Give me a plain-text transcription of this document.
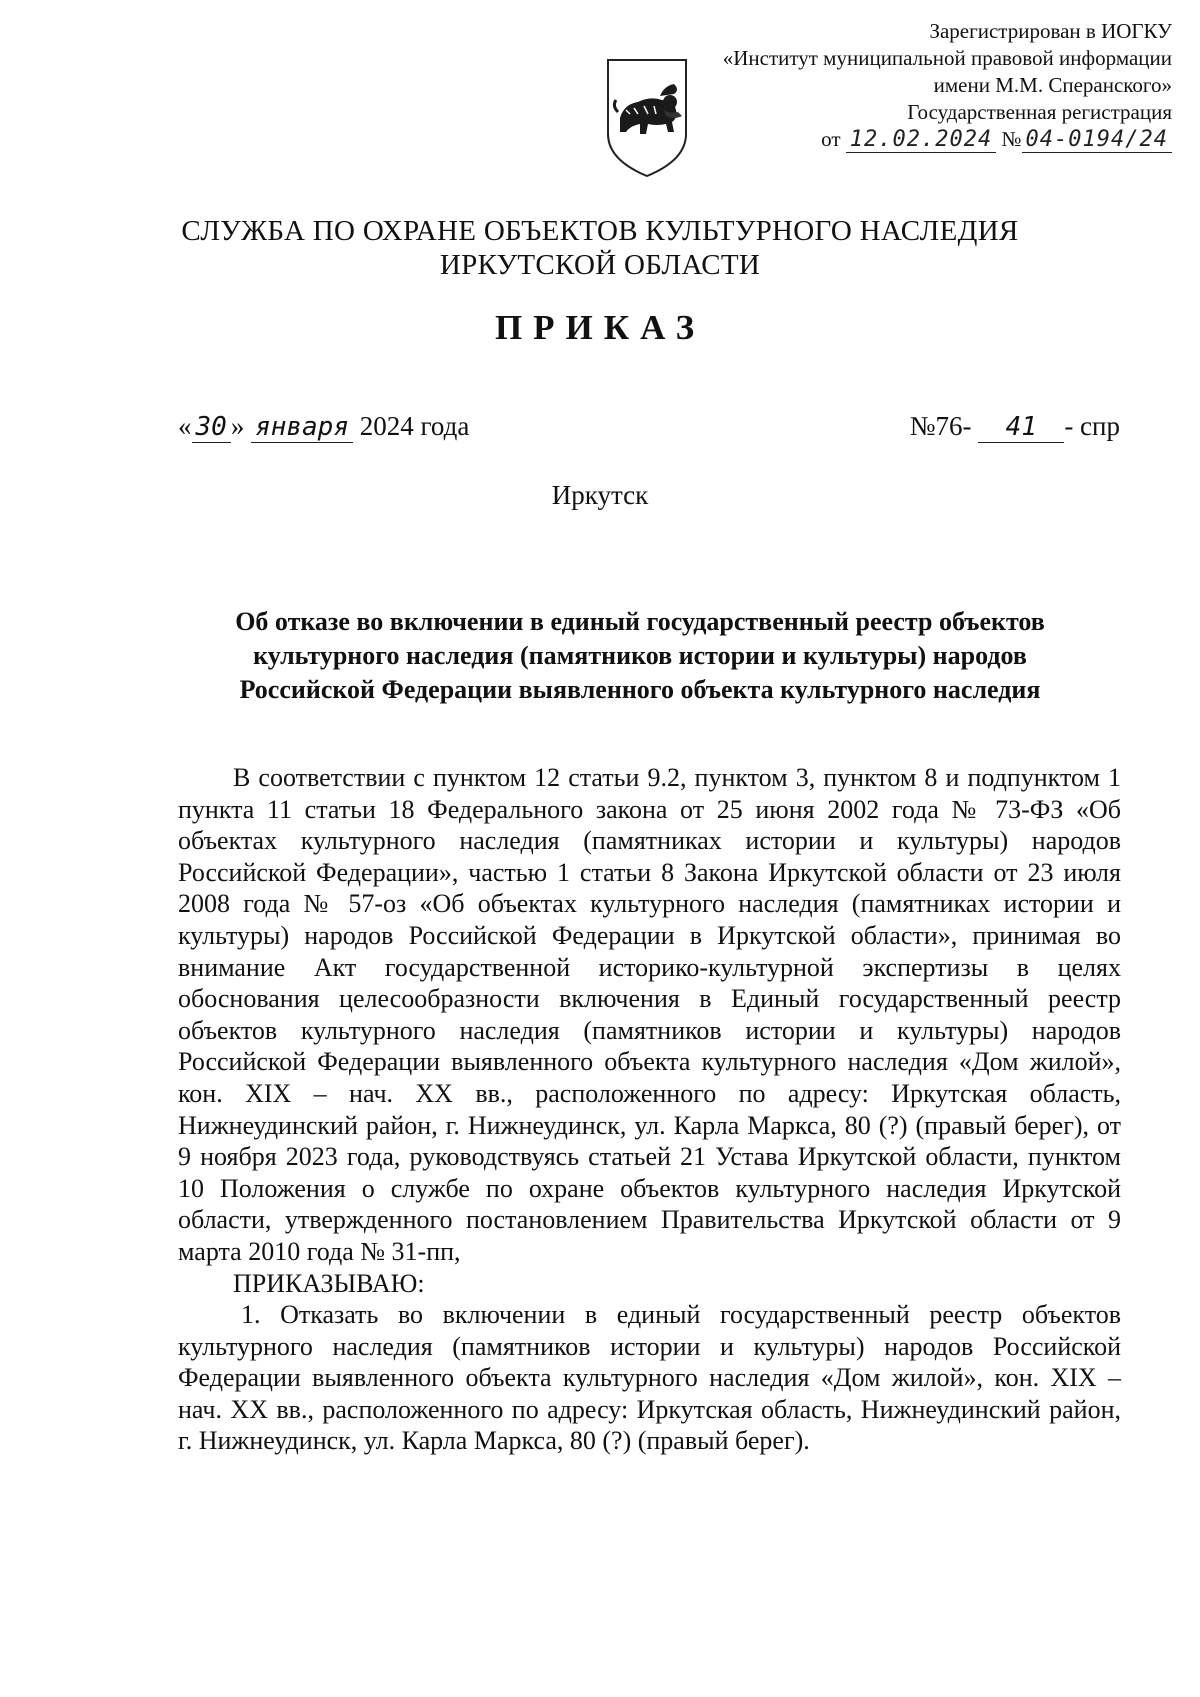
Зарегистрирован в ИОГКУ
«Институт муниципальной правовой информации
имени М.М. Сперанского»
Государственная регистрация
от 12.02.2024 № 04-0194/24
СЛУЖБА ПО ОХРАНЕ ОБЪЕКТОВ КУЛЬТУРНОГО НАСЛЕДИЯ
ИРКУТСКОЙ ОБЛАСТИ
ПРИКАЗ
« 30 » января 2024 года	№76- 41 - спр
Иркутск
Об отказе во включении в единый государственный реестр объектов
культурного наследия (памятников истории и культуры) народов
Российской Федерации выявленного объекта культурного наследия

В соответствии с пунктом 12 статьи 9.2, пунктом 3, пунктом 8 и подпунктом 1 пункта 11 статьи 18 Федерального закона от 25 июня 2002 года № 73-ФЗ «Об объектах культурного наследия (памятниках истории и культуры) народов Российской Федерации», частью 1 статьи 8 Закона Иркутской области от 23 июля 2008 года № 57-оз «Об объектах культурного наследия (памятниках истории и культуры) народов Российской Федерации в Иркутской области», принимая во внимание Акт государственной историко-культурной экспертизы в целях обоснования целесообразности включения в Единый государственный реестр объектов культурного наследия (памятников истории и культуры) народов Российской Федерации выявленного объекта культурного наследия «Дом жилой», кон. XIX – нач. XX вв., расположенного по адресу: Иркутская область, Нижнеудинский район, г. Нижнеудинск, ул. Карла Маркса, 80 (?) (правый берег), от 9 ноября 2023 года, руководствуясь статьей 21 Устава Иркутской области, пунктом 10 Положения о службе по охране объектов культурного наследия Иркутской области, утвержденного постановлением Правительства Иркутской области от 9 марта 2010 года № 31-пп,

ПРИКАЗЫВАЮ:

1. Отказать во включении в единый государственный реестр объектов культурного наследия (памятников истории и культуры) народов Российской Федерации выявленного объекта культурного наследия «Дом жилой», кон. XIX – нач. XX вв., расположенного по адресу: Иркутская область, Нижнеудинский район, г. Нижнеудинск, ул. Карла Маркса, 80 (?) (правый берег).
